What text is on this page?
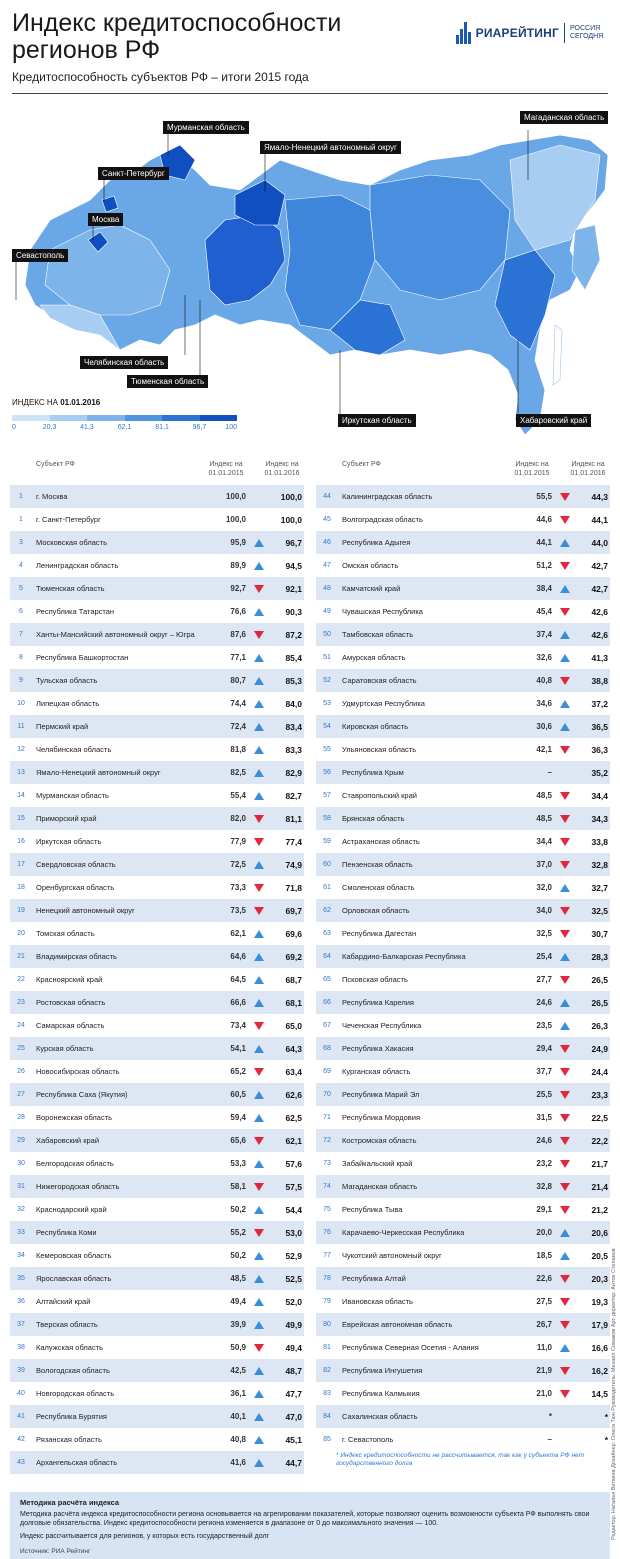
Индекс кредитоспособности регионов РФ
Кредитоспособность субъектов РФ – итоги 2015 года
РИАРЕЙТИНГ РОССИЯ СЕГОДНЯ
Мурманская область
Ямало-Ненецкий автономный округ
Магаданская область
Санкт-Петербург
Москва
Севастополь
Челябинская область
Тюменская область
Иркутская область	Хабаровский край
ИНДЕКС НА 01.01.2016
0	20,3	41,3	62,1	81,1	96,7	100
Субъект РФ	Индекс на 01.01.2015
Индекс на 01.01.2016
1	г. Москва	100,0	100,0
1	г. Санкт-Петербург	100,0	100,0
3	Московская область	95,9	96,7
4	Ленинградская область	89,9	94,5
5	Тюменская область	92,7	92,1
6	Республика Татарстан	76,6	90,3
7	Ханты-Мансийский автономный округ – Югра	87,6	87,2
8	Республика Башкортостан	77,1	85,4
9	Тульская область	80,7	85,3
10	Липецкая область	74,4	84,0
11	Пермский край	72,4	83,4
12	Челябинская область	81,8	83,3
13	Ямало-Ненецкий автономный округ	82,5	82,9
14	Мурманская область	55,4	82,7
15	Приморский край	82,0	81,1
16	Иркутская область	77,9	77,4
17	Свердловская область	72,5	74,9
18	Оренбургская область	73,3	71,8
19	Ненецкий автономный округ	73,5	69,7
20	Томская область	62,1	69,6
21	Владимирская область	64,6	69,2
22	Красноярский край	64,5	68,7
23	Ростовская область	66,6	68,1
24	Самарская область	73,4	65,0
25	Курская область	54,1	64,3
26	Новосибирская область	65,2	63,4
27	Республика Саха (Якутия)	60,5	62,6
28	Воронежская область	59,4	62,5
29	Хабаровский край	65,6	62,1
30	Белгородская область	53,3	57,6
31	Нижегородская область	58,1	57,5
32	Краснодарский край	50,2	54,4
33	Республика Коми	55,2	53,0
34	Кемеровская область	50,2	52,9
35	Ярославская область	48,5	52,5
36	Алтайский край	49,4	52,0
37	Тверская область	39,9	49,9
38	Калужская область	50,9	49,4
39	Вологодская область	42,5	48,7
40	Новгородская область	36,1	47,7
41	Республика Бурятия	40,1	47,0
42	Рязанская область	40,8	45,1
43	Архангельская область	41,6	44,7
Субъект РФ	Индекс на 01.01.2015
Индекс на 01.01.2016
44	Калининградская область	55,5	44,3
45	Волгоградская область	44,6	44,1
46	Республика Адыгея	44,1	44,0
47	Омская область	51,2	42,7
48	Камчатский край	38,4	42,7
49	Чувашская Республика	45,4	42,6
50	Тамбовская область	37,4	42,6
51	Амурская область	32,6	41,3
52	Саратовская область	40,8	38,8
53	Удмуртская Республика	34,6	37,2
54	Кировская область	30,6	36,5
55	Ульяновская область	42,1	36,3
56	Республика Крым	–	35,2
57	Ставропольский край	48,5	34,4
58	Брянская область	48,5	34,3
59	Астраханская область	34,4	33,8
60	Пензенская область	37,0	32,8
61	Смоленская область	32,0	32,7
62	Орловская область	34,0	32,5
63	Республика Дагестан	32,5	30,7
64	Кабардино-Балкарская Республика	25,4	28,3
65	Псковская область	27,7	26,5
66	Республика Карелия	24,6	26,5
67	Чеченская Республика	23,5	26,3
68	Республика Хакасия	29,4	24,9
69	Курганская область	37,7	24,4
70	Республика Марий Эл	25,5	23,3
71	Республика Мордовия	31,5	22,5
72	Костромская область	24,6	22,2
73	Забайкальский край	23,2	21,7
74	Магаданская область	32,8	21,4
75	Республика Тыва	29,1	21,2
76	Карачаево-Черкесская Республика	20,0	20,6
77	Чукотский автономный округ	18,5	20,5
78	Республика Алтай	22,6	20,3
79	Ивановская область	27,5	19,3
80	Еврейская автономная область	26,7	17,9
81	Республика Северная Осетия - Алания	11,0	16,6
82	Республика Ингушетия	21,9	16,2
83	Республика Калмыкия	21,0	14,5
84	Сахалинская область	*	*
85	г. Севастополь	–	*
* Индекс кредитоспособности не рассчитывается, так как у субъекта РФ нет государственного долга
Методика расчёта индекса
Методика расчёта индекса кредитоспособности региона основывается на агрегировании показателей, которые позволяют оценить возможности субъекта РФ выполнять свои долговые обязательства. Индекс кредитоспособности региона изменяется в диапазоне от 0 до максимального значения — 100.
Индекс рассчитывается для регионов, у которых есть государственный долг
Источник: РИА Рейтинг
Редактор: Наталья Виткина Дизайнер: Олеся Тюн Руководитель: Михаил Симаков Арт-директор: Антон Степанов
